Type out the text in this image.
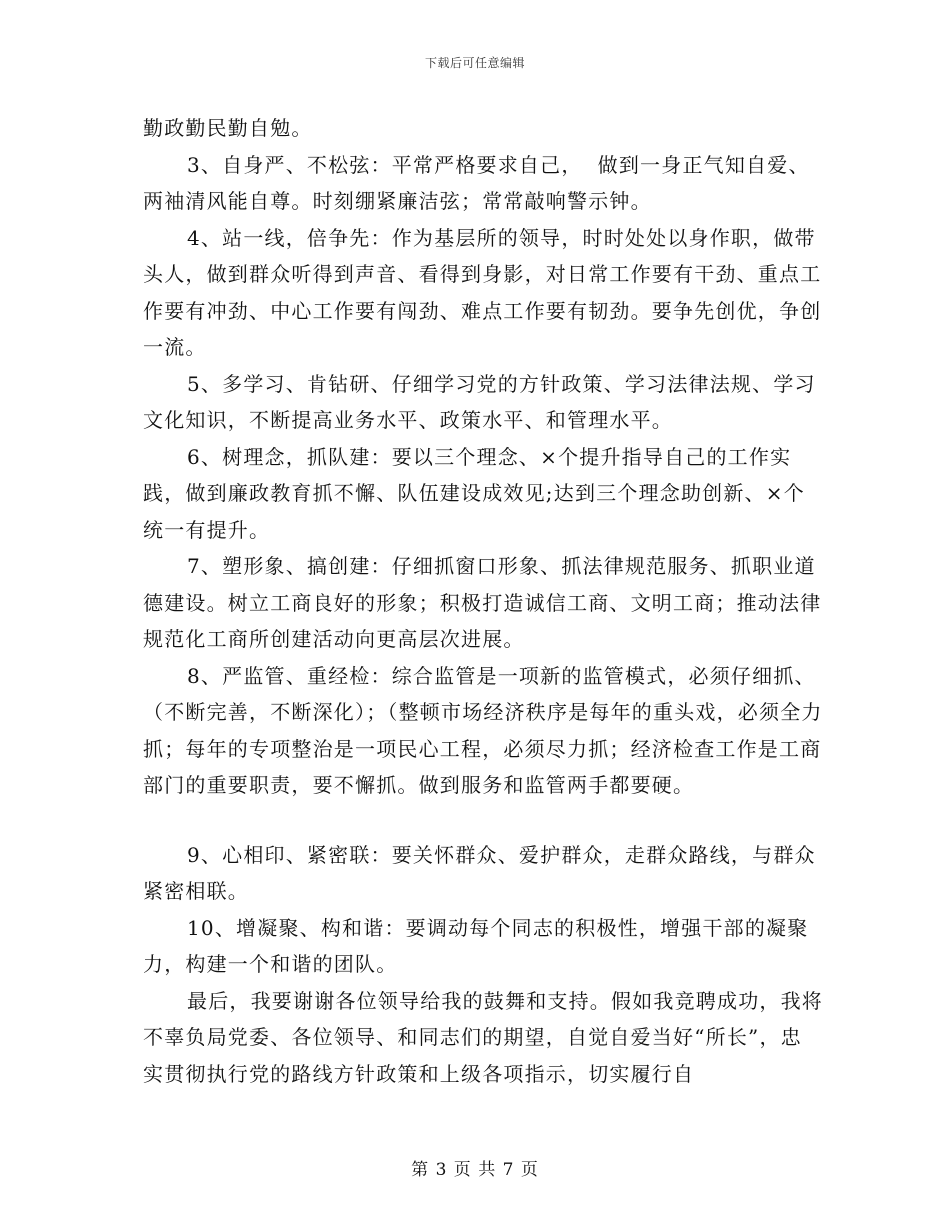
下载后可任意编辑

勤政勤民勤自勉。

3、自身严、不松弦：平常严格要求自己，  做到一身正气知自爱、两袖清风能自尊。时刻绷紧廉洁弦；常常敲响警示钟。

4、站一线，倍争先：作为基层所的领导，时时处处以身作职，做带头人，做到群众听得到声音、看得到身影，对日常工作要有干劲、重点工作要有冲劲、中心工作要有闯劲、难点工作要有韧劲。要争先创优，争创一流。

5、多学习、肯钻研、仔细学习党的方针政策、学习法律法规、学习文化知识，不断提高业务水平、政策水平、和管理水平。

6、树理念，抓队建：要以三个理念、×个提升指导自己的工作实践，做到廉政教育抓不懈、队伍建设成效见;达到三个理念助创新、×个统一有提升。

7、塑形象、搞创建：仔细抓窗口形象、抓法律规范服务、抓职业道德建设。树立工商良好的形象；积极打造诚信工商、文明工商；推动法律规范化工商所创建活动向更高层次进展。

8、严监管、重经检：综合监管是一项新的监管模式，必须仔细抓、（不断完善，不断深化）；（整顿市场经济秩序是每年的重头戏，必须全力抓；每年的专项整治是一项民心工程，必须尽力抓；经济检查工作是工商部门的重要职责，要不懈抓。做到服务和监管两手都要硬。

9、心相印、紧密联：要关怀群众、爱护群众，走群众路线，与群众紧密相联。

10、增凝聚、构和谐：要调动每个同志的积极性，增强干部的凝聚力，构建一个和谐的团队。

最后，我要谢谢各位领导给我的鼓舞和支持。假如我竞聘成功，我将不辜负局党委、各位领导、和同志们的期望，自觉自爱当好“所长”，忠实贯彻执行党的路线方针政策和上级各项指示，切实履行自

第 3 页 共 7 页
